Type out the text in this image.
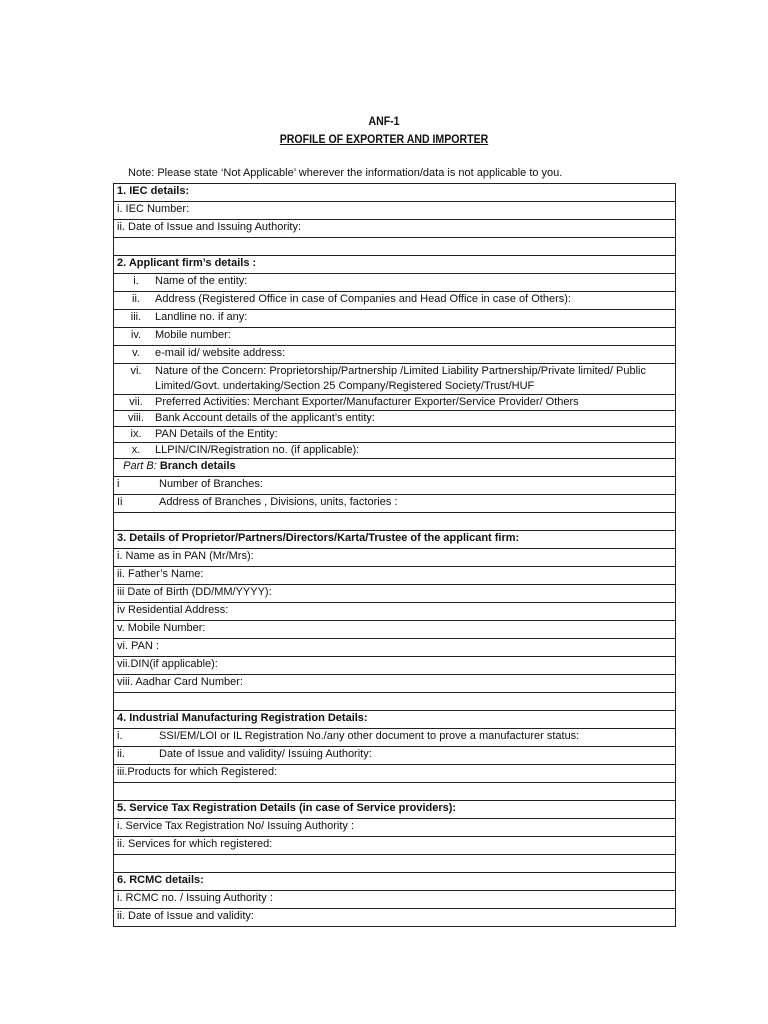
ANF-1
PROFILE OF EXPORTER AND IMPORTER
Note: Please state ‘Not Applicable’ wherever the information/data is not applicable to you.
1. IEC details:
i. IEC Number:
ii. Date of Issue and Issuing Authority:

2. Applicant firm’s details :
i. Name of the entity:
ii. Address (Registered Office in case of Companies and Head Office in case of Others):
iii. Landline no. if any:
iv. Mobile number:
v. e-mail id/ website address:

vi.	Nature of the Concern: Proprietorship/Partnership /Limited Liability Partnership/Private limited/ Public Limited/Govt. undertaking/Section 25 Company/Registered Society/Trust/HUF

vii. Preferred Activities: Merchant Exporter/Manufacturer Exporter/Service Provider/ Others
viii. Bank Account details of the applicant’s entity:
ix. PAN Details of the Entity:
x. LLPIN/CIN/Registration no. (if applicable):
Part B: Branch details
i	Number of Branches:
Ii	Address of Branches , Divisions, units, factories :

3. Details of Proprietor/Partners/Directors/Karta/Trustee of the applicant firm:
i. Name as in PAN (Mr/Mrs):
ii. Father’s Name:
iii Date of Birth (DD/MM/YYYY):
iv Residential Address:
v. Mobile Number:
vi. PAN :
vii.DIN(if applicable):
viii. Aadhar Card Number:

4. Industrial Manufacturing Registration Details:
i.	SSI/EM/LOI or IL Registration No./any other document to prove a manufacturer status:
ii.	Date of Issue and validity/ Issuing Authority:
iii.Products for which Registered:

5. Service Tax Registration Details (in case of Service providers):
i. Service Tax Registration No/ Issuing Authority :
ii. Services for which registered:

6. RCMC details:
i. RCMC no. / Issuing Authority :
ii. Date of Issue and validity:
